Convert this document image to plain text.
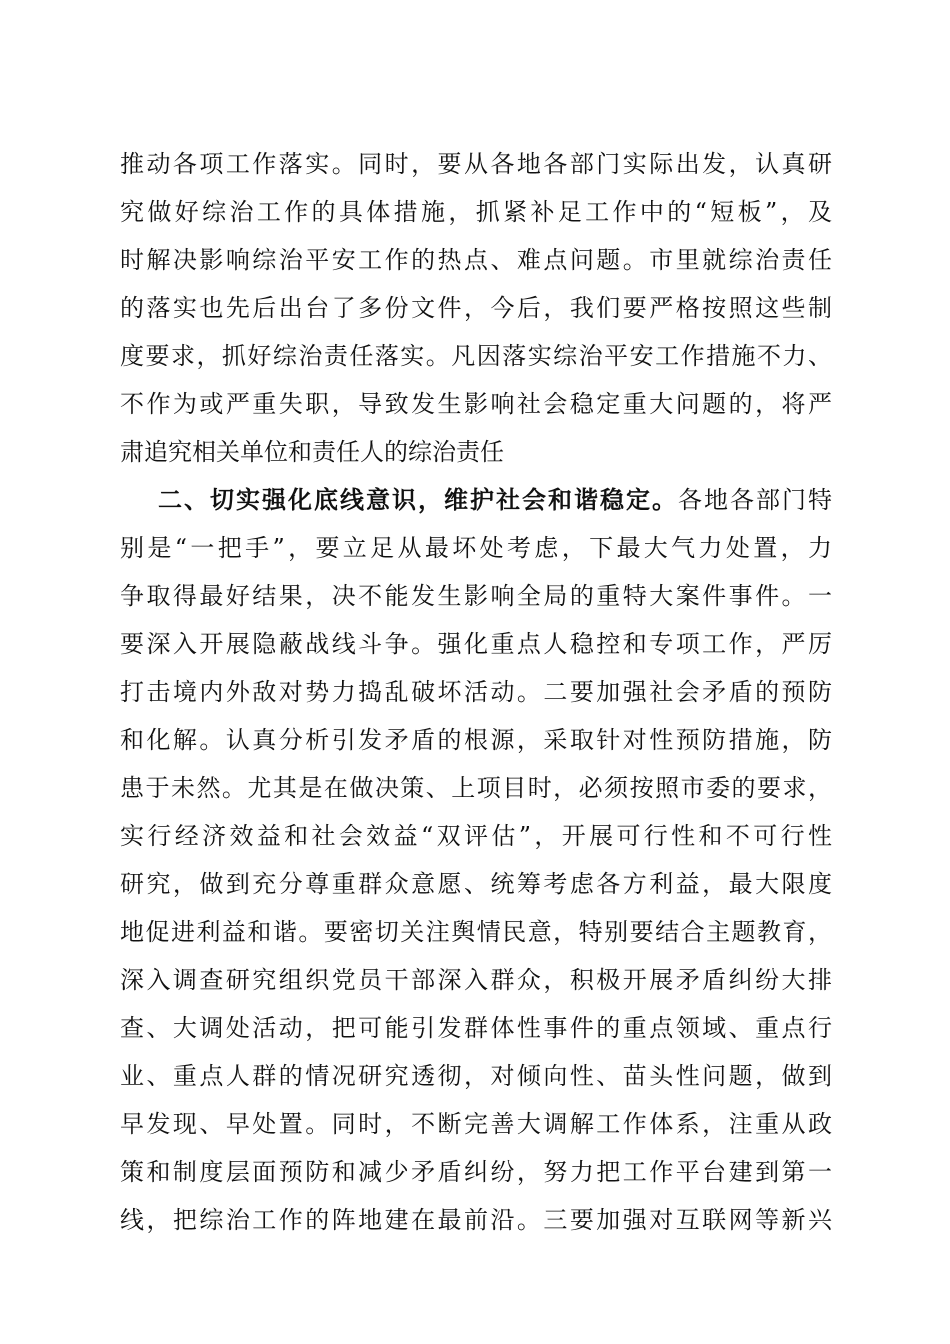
推动各项工作落实。同时，要从各地各部门实际出发，认真研
究做好综治工作的具体措施，抓紧补足工作中的“短板”，及
时解决影响综治平安工作的热点、难点问题。市里就综治责任
的落实也先后出台了多份文件，今后，我们要严格按照这些制
度要求，抓好综治责任落实。凡因落实综治平安工作措施不力、
不作为或严重失职，导致发生影响社会稳定重大问题的，将严
肃追究相关单位和责任人的综治责任
二、切实强化底线意识，维护社会和谐稳定。各地各部门特
别是“一把手”，要立足从最坏处考虑，下最大气力处置，力
争取得最好结果，决不能发生影响全局的重特大案件事件。一
要深入开展隐蔽战线斗争。强化重点人稳控和专项工作，严厉
打击境内外敌对势力捣乱破坏活动。二要加强社会矛盾的预防
和化解。认真分析引发矛盾的根源，采取针对性预防措施，防
患于未然。尤其是在做决策、上项目时，必须按照市委的要求，
实行经济效益和社会效益“双评估”，开展可行性和不可行性
研究，做到充分尊重群众意愿、统筹考虑各方利益，最大限度
地促进利益和谐。要密切关注舆情民意，特别要结合主题教育，
深入调查研究组织党员干部深入群众，积极开展矛盾纠纷大排
查、大调处活动，把可能引发群体性事件的重点领域、重点行
业、重点人群的情况研究透彻，对倾向性、苗头性问题，做到
早发现、早处置。同时，不断完善大调解工作体系，注重从政
策和制度层面预防和减少矛盾纠纷，努力把工作平台建到第一
线，把综治工作的阵地建在最前沿。三要加强对互联网等新兴
